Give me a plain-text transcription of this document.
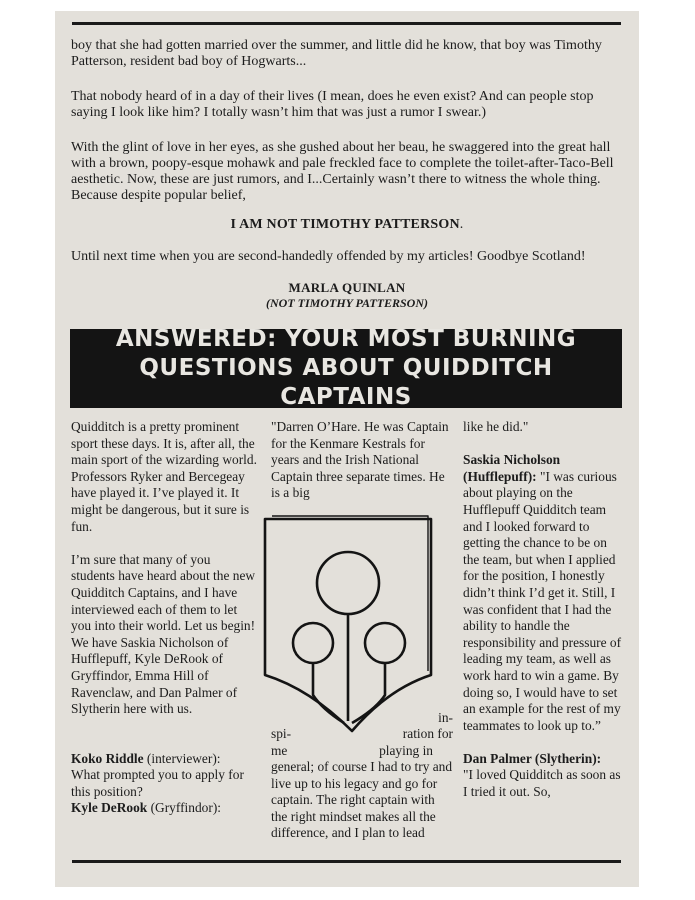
boy that she had gotten married over the summer, and little did he know, that boy was Timothy Patterson, resident bad boy of Hogwarts...

That nobody heard of in a day of their lives (I mean, does he even exist? And can people stop saying I look like him? I totally wasn’t him that was just a rumor I swear.)

With the glint of love in her eyes, as she gushed about her beau, he swaggered into the great hall with a brown, poopy-esque mohawk and pale freckled face to complete the toilet-after-Taco-Bell aesthetic. Now, these are just rumors, and I...Certainly wasn’t there to witness the whole thing. Because despite popular belief,

I AM NOT TIMOTHY PATTERSON.

Until next time when you are second-handedly offended by my articles! Goodbye Scotland!

MARLA QUINLAN

(NOT TIMOTHY PATTERSON)

ANSWERED: YOUR MOST BURNING
QUESTIONS ABOUT QUIDDITCH CAPTAINS

Quidditch is a pretty prominent sport these days. It is, after all, the main sport of the wizarding world. Professors Ryker and Bercegeay have played it. I’ve played it. It might be dangerous, but it sure is fun.

I’m sure that many of you students have heard about the new Quidditch Captains, and I have interviewed each of them to let you into their world. Let us begin! We have Saskia Nicholson of Hufflepuff, Kyle DeRook of Gryffindor, Emma Hill of Ravenclaw, and Dan Palmer of Slytherin here with us.

Koko Riddle (interviewer):

What prompted you to apply for this position?

Kyle DeRook (Gryffindor):

"Darren O’Hare. He was Captain for the Kenmare Kestrals for years and the Irish National Captain three separate times. He is a big

in-
spi-	ration for
me	playing in
general; of course I had to try and live up to his legacy and go for captain. The right captain with the right mindset makes all the difference, and I plan to lead

like he did."

Saskia Nicholson (Hufflepuff): "I was curious about playing on the Hufflepuff Quidditch team and I looked forward to getting the chance to be on the team, but when I applied for the position, I honestly didn’t think I’d get it. Still, I was confident that I had the ability to handle the responsibility and pressure of leading my team, as well as work hard to win a game. By doing so, I would have to set an example for the rest of my teammates to look up to.”

Dan Palmer (Slytherin):

"I loved Quidditch as soon as I tried it out. So,
